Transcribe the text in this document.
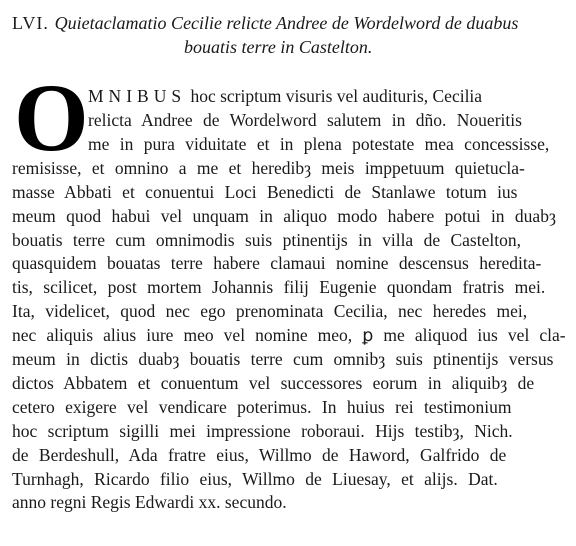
LVI. Quietaclamatio Cecilie relicte Andree de Wordelword de duabus
bouatis terre in Castelton.
O MNIBUS hoc scriptum visuris vel audituris, Cecilia
relicta Andree de Wordelword salutem in dño. Noueritis
me in pura viduitate et in plena potestate mea concessisse,
remisisse, et omnino a me et heredibȝ meis imppetuum quietucla-
masse Abbati et conuentui Loci Benedicti de Stanlawe totum ius
meum quod habui vel unquam in aliquo modo habere potui in duabȝ
bouatis terre cum omnimodis suis ptinentijs in villa de Castelton,
quasquidem bouatas terre habere clamaui nomine descensus hereditа-
tis, scilicet, post mortem Johannis filij Eugenie quondam fratris mei.
Ita, videlicet, quod nec ego prenominata Cecilia, nec heredes mei,
nec aliquis alius iure meo vel nomine meo, ꝑ me aliquod ius vel cla-
meum in dictis duabȝ bouatis terre cum omnibȝ suis ptinentijs versus
dictos Abbatem et conuentum vel successores eorum in aliquibȝ de
cetero exigere vel vendicare poterimus. In huius rei testimonium
hoc scriptum sigilli mei impressione roboraui. Hijs testibȝ, Nich.
de Berdeshull, Ada fratre eius, Willmo de Haword, Galfrido de
Turnhagh, Ricardo filio eius, Willmo de Liuesay, et alijs. Dat.
anno regni Regis Edwardi xx. secundo.
